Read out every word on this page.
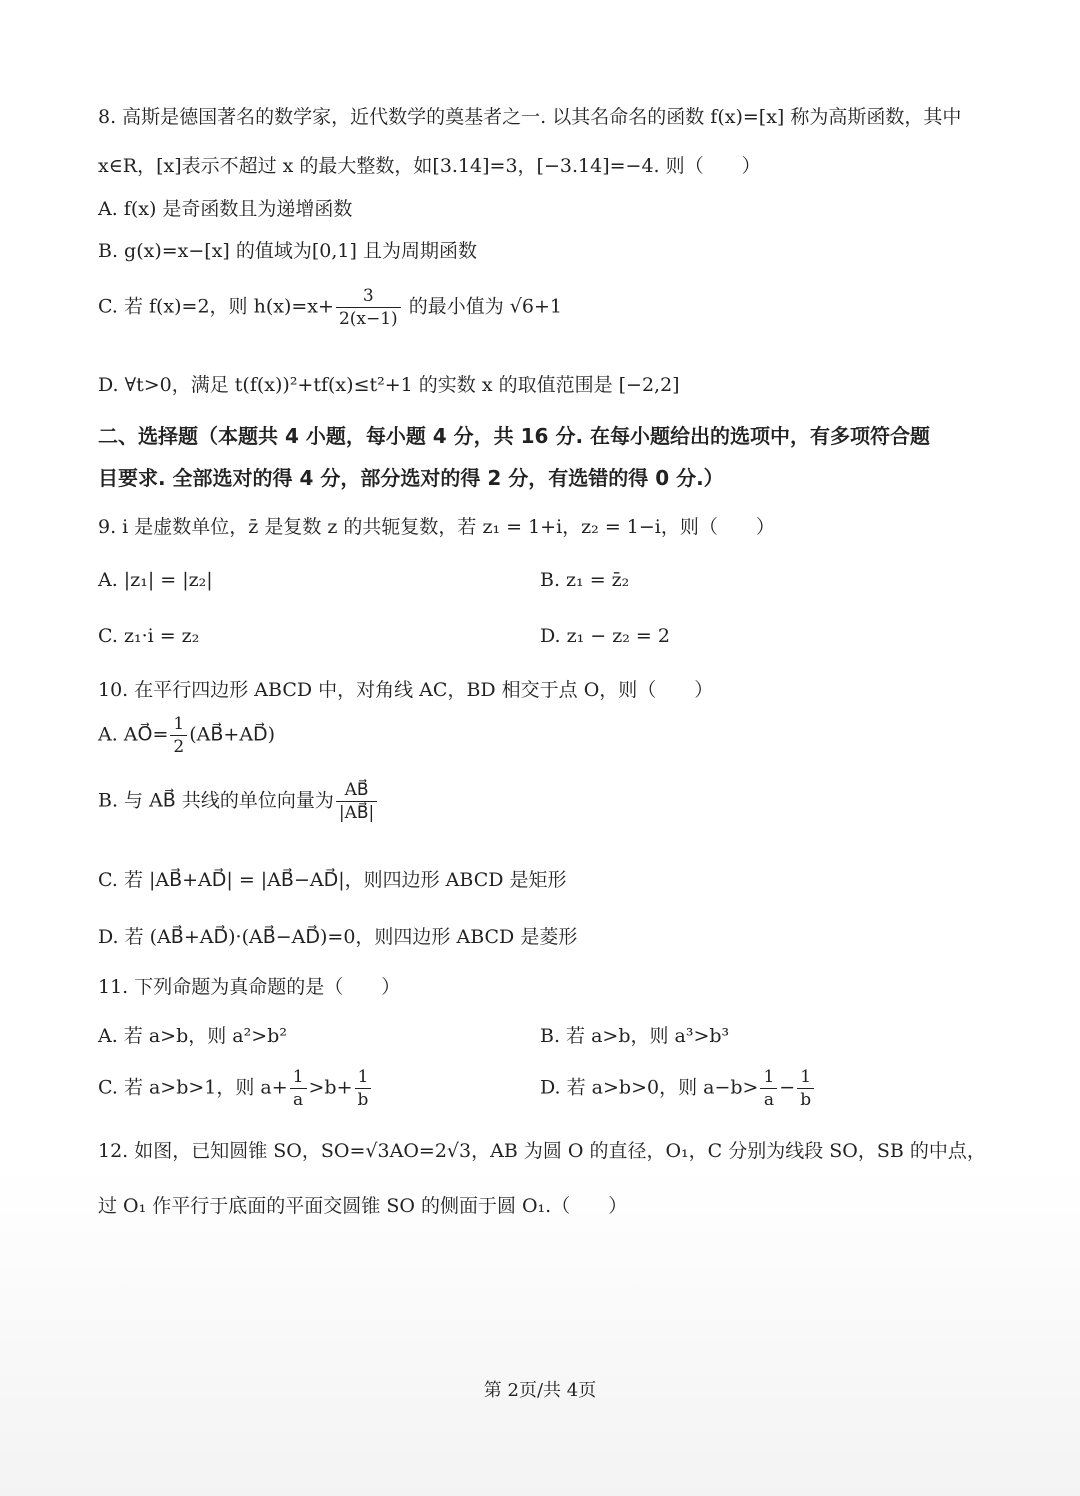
8. 高斯是德国著名的数学家，近代数学的奠基者之一. 以其名命名的函数 f(x)=[x] 称为高斯函数，其中
x∈R，[x]表示不超过 x 的最大整数，如[3.14]=3，[−3.14]=−4. 则（　　）
A. f(x) 是奇函数且为递增函数
B. g(x)=x−[x] 的值域为[0,1] 且为周期函数
C. 若 f(x)=2，则 $h(x)=x+ \frac{3}{2(x-1)}$ 的最小值为 √6+1
D. ∀t>0，满足 t(f(x))²+tf(x)≤t²+1 的实数 x 的取值范围是 [−2,2]
二、选择题（本题共 4 小题，每小题 4 分，共 16 分. 在每小题给出的选项中，有多项符合题
目要求. 全部选对的得 4 分，部分选对的得 2 分，有选错的得 0 分.）
9. i 是虚数单位，z̄ 是复数 z 的共轭复数，若 z₁ = 1+i，z₂ = 1−i，则（　　）
A. |z₁| = |z₂|	B. z₁ = z̄₂
C. z₁·i = z₂	D. z₁ − z₂ = 2
10. 在平行四边形 ABCD 中，对角线 AC，BD 相交于点 O，则（　　）
A. AO⃗= $\frac{1}{2}$ (AB⃗+AD⃗)
B. 与 AB⃗ 共线的单位向量为 $\frac{AB⃗}{|AB⃗|}$
C. 若 |AB⃗+AD⃗| = |AB⃗−AD⃗|，则四边形 ABCD 是矩形
D. 若 (AB⃗+AD⃗)·(AB⃗−AD⃗)=0，则四边形 ABCD 是菱形
11. 下列命题为真命题的是（　　）
A. 若 a>b，则 a²>b²	B. 若 a>b，则 a³>b³
C. 若 a>b>1，则 $a+ \frac{1}{a} >b+ \frac{1}{b}$	D. 若 a>b>0，则 $a-b> \frac{1}{a} - \frac{1}{b}$
12. 如图，已知圆锥 SO，SO=√3AO=2√3，AB 为圆 O 的直径，O₁，C 分别为线段 SO，SB 的中点，
过 O₁ 作平行于底面的平面交圆锥 SO 的侧面于圆 O₁.（　　）
第 2页/共 4页
